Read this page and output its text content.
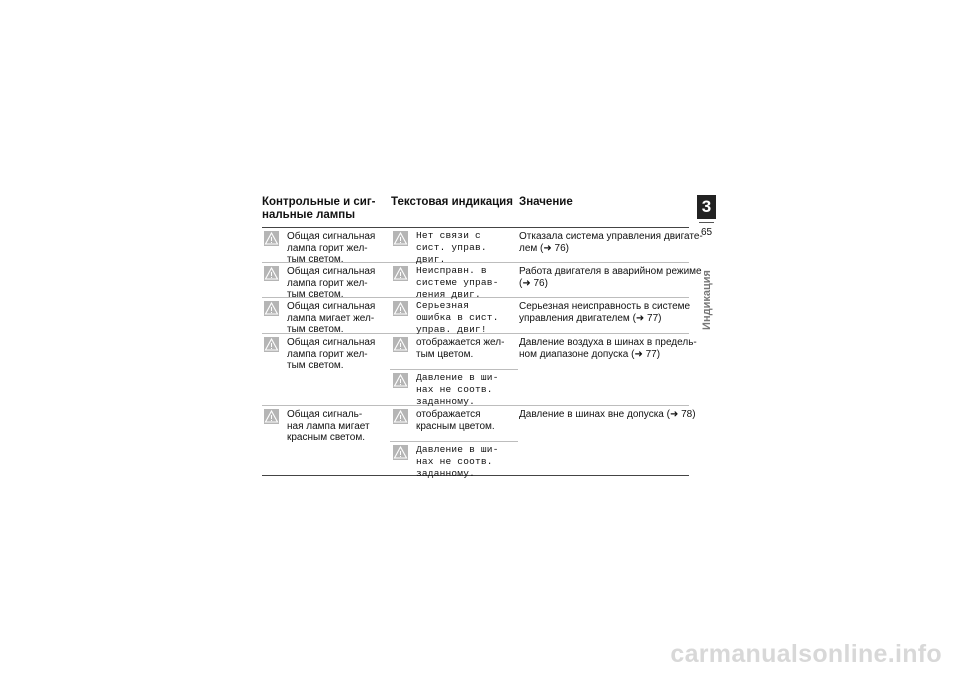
Контрольные и сиг-
нальные лампы
Текстовая индикация Значение
Общая сигнальная
лампа горит жел-
тым светом.
Нет связи с
сист. управ.
двиг.
Отказала система управления двигате-
лем (➜ 76)
Общая сигнальная
лампа горит жел-
тым светом.
Неисправн. в
системе управ-
ления двиг.
Работа двигателя в аварийном режиме
(➜ 76)
Общая сигнальная
лампа мигает жел-
тым светом.
Серьезная
ошибка в сист.
управ. двиг!
Серьезная неисправность в системе
управления двигателем (➜ 77)
Общая сигнальная
лампа горит жел-
тым светом.
отображается жел-
тым цветом.
Давление воздуха в шинах в предель-
ном диапазоне допуска (➜ 77)
Давление в ши-
нах не соотв.
заданному.
Общая сигналь-
ная лампа мигает
красным светом.
отображается
красным цветом.
Давление в шинах вне допуска (➜ 78)
Давление в ши-
нах не соотв.
заданному.
3
65
Индикация
carmanualsonline.info
